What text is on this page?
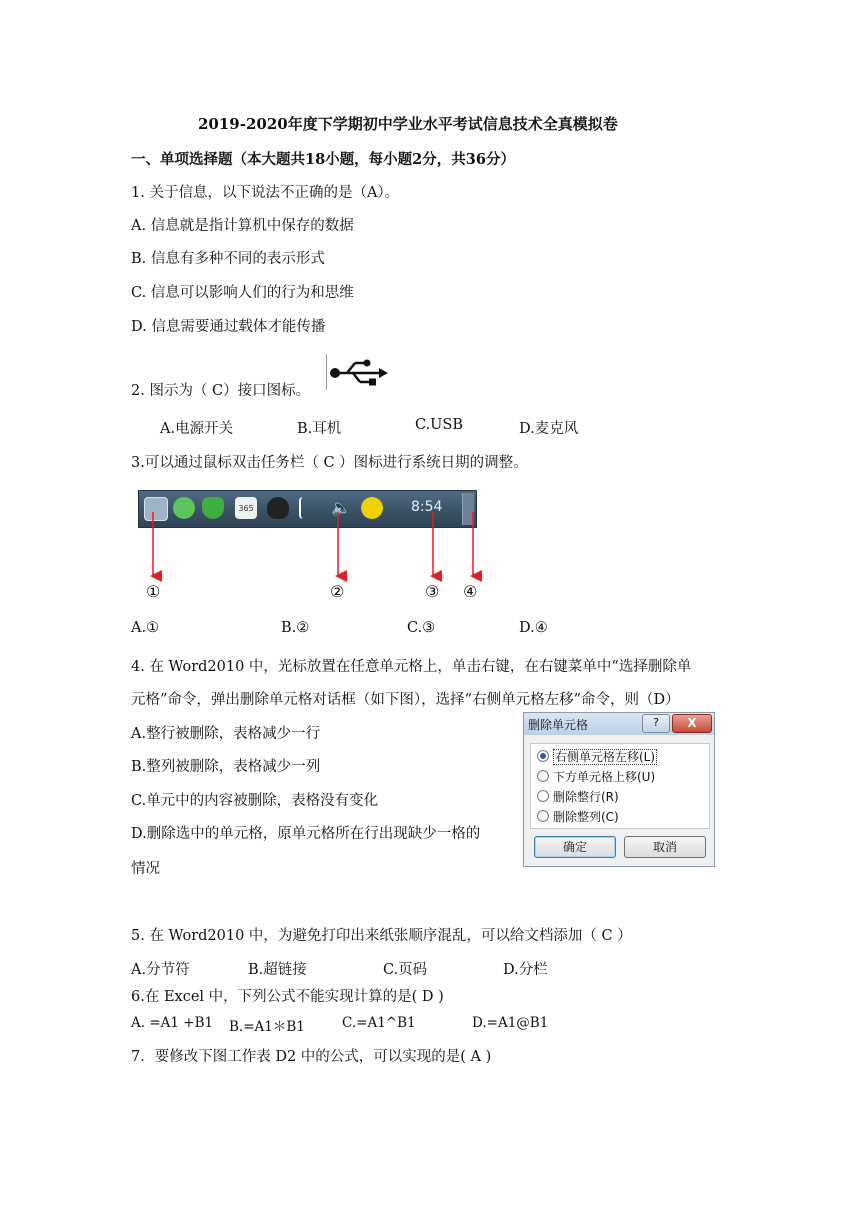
2019-2020年度下学期初中学业水平考试信息技术全真模拟卷
一、单项选择题（本大题共18小题，每小题2分，共36分）
1. 关于信息，以下说法不正确的是（A）。
A. 信息就是指计算机中保存的数据
B. 信息有多种不同的表示形式
C. 信息可以影响人们的行为和思维
D. 信息需要通过载体才能传播
2. 图示为（ C）接口图标。
A.电源开关	B.耳机	C.USB	D.麦克风
3.可以通过鼠标双击任务栏（ C ）图标进行系统日期的调整。
365	🔈	8:54
①	②	③ ④
A.①	B.②	C.③	D.④
4. 在 Word2010 中，光标放置在任意单元格上，单击右键，在右键菜单中“选择删除单
元格”命令，弹出删除单元格对话框（如下图），选择“右侧单元格左移”命令，则（D）
A.整行被删除，表格减少一行
B.整列被删除，表格减少一列
C.单元中的内容被删除，表格没有变化
D.删除选中的单元格，原单元格所在行出现缺少一格的
情况
删除单元格	?	X
右侧单元格左移(L)
下方单元格上移(U)
删除整行(R)
删除整列(C)
确定	取消
5. 在 Word2010 中，为避免打印出来纸张顺序混乱，可以给文档添加（ C ）
A.分节符	B.超链接	C.页码	D.分栏
6.在 Excel 中，下列公式不能实现计算的是( D )
A. =A1 +B1 B.=A1＊B1	C.=A1^B1	D.=A1@B1
7．要修改下图工作表 D2 中的公式，可以实现的是( A )
